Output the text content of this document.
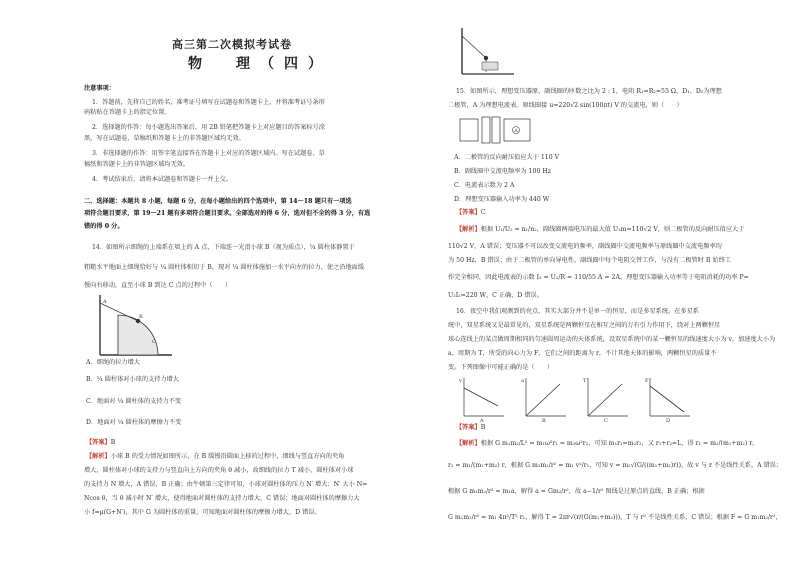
高三第二次模拟考试卷
物　理（四）
注意事项：
1．答题前，先将自己的姓名、准考证号填写在试题卷和答题卡上，并将准考证号条形
码粘贴在答题卡上的指定位置。
2．选择题的作答：每小题选出答案后，用 2B 铅笔把答题卡上对应题目的答案标号涂
黑，写在试题卷、草稿纸和答题卡上的非答题区域均无效。
3．非选择题的作答：用签字笔直接答在答题卡上对应的答题区域内。写在试题卷、草
稿纸和答题卡上的非答题区域均无效。
4．考试结束后，请将本试题卷和答题卡一并上交。
二、选择题：本题共 8 小题，每题 6 分，在每小题给出的四个选项中，第 14～18 题只有一项选
项符合题目要求，第 19～21 题有多项符合题目要求。全部选对的得 6 分，选对但不全的得 3 分，有选
错的得 0 分。
14．如图所示细绳的上端系在墙上的 A 点，下端连一光滑小球 B（视为质点），¼ 圆柱体静置于
粗糙水平地面上细绳恰好与 ¼ 圆柱体相切于 B，现对 ¼ 圆柱体施加一水平向左的拉力，使之沿地面缓
慢向右移动，直至小球 B 到达 C 点的过程中（　　）
A
B
C
A．细绳的拉力增大
B．¼ 圆柱体对小球的支持力增大
C．地面对 ¼ 圆柱体的支持力不变
D．地面对 ¼ 圆柱体的摩擦力不变
【答案】B
【解析】小球 B 的受力情况如图所示，在 B 缓慢沿圆面上移的过程中，细线与竖直方向的夹角
增大，圆柱体对小球的支持力与竖直向上方向的夹角 θ 减小，故细线的拉力 T 减小，圆柱体对小球
的支持力 N 增大，A 错误，B 正确；由牛顿第三定律可知，小球对圆柱体的压力 N′ 增大；N′ 大小 N=
Ncos θ，当 θ 减小时 N′ 增大，使得地面对圆柱体的支持力增大，C 错误；地面对圆柱体的摩擦力大
小 f=μ(G+N′)，其中 G 为圆柱体的重量，可知地面对圆柱体的摩擦力增大，D 错误。
15．如图所示，理想变压器原、副线圈的匝数之比为 2 : 1，电阻 R₁=R₂=55 Ω，D₁、D₂为理想
二极管，A 为理想电流表。原线圈接 u=220√2 sin(100πt) V 的交流电，则（　　）
A
A．二极管的反向耐压值应大于 110 V
B．副线圈中交流电频率为 100 Hz
C．电流表示数为 2 A
D．理想变压器输入功率为 440 W
【答案】C
【解析】根据 U₁/U₂ = n₁/n₂，副线圈两端电压的最大值 U₂m=110√2 V，则二极管的反向耐压值应大于
110√2 V，A 错误；变压器不可以改变交流电的频率，副线圈中交流电频率与原线圈中交流电频率均
为 50 Hz，B 错误；由于二极管的单向导电性，副线圈中每个电阻交替工作，与没有二极管时 R 始终工
作完全相同，因此电流表的示数 I₂ = U₂/R = 110/55 A = 2A，理想变压器输入功率等于电阻消耗的功率 P=
U₂I₂=220 W，C 正确，D 错误。
16．夜空中我们观测到的亮点，其实大部分并不是单一的恒星，而是多星系统。在多星系
统中，双星系统又是最常见的，双星系统是两颗恒星在相互之间的万有引力作用下，绕对上两颗恒星
球心连线上的某点做周期相同的匀速圆周运动的天体系统，设双星系统中的某一颗恒星的线速度大小为 v，加速度大小为
a，周期为 T，所受的向心力为 F，它们之间的距离为 r，不计其他天体的影响，两颗恒星的质量不
变。下列图像中可能正确的是（　　）
v
A
a
B
T
C
F
D
【答案】B
【解析】根据 G m₁m₂/L² = m₁ω²r₁ = m₂ω²r₂，可知 m₁r₁=m₂r₂，又 r₁+r₂=L，得 r₁ = m₂/(m₁+m₂) r，
r₂ = m₁/(m₁+m₂) r，根据 G m₁m₂/r² = m₁ v²/r₁，可知 v = m₂√(G/((m₁+m₂)r))，故 v 与 r 不是线性关系，A 错误；
根据 G m₁m₂/r² = m₁a，解得 a = Gm₂/r²，故 a−1/r² 图线是过原点的直线，B 正确；根据
G m₁m₂/r² = m₁ 4π²/T² r₁，解得 T = 2πr√(r/(G(m₁+m₂)))，T 与 r² 不是线性关系，C 错误；根据 F = G m₁m₂/r²，
